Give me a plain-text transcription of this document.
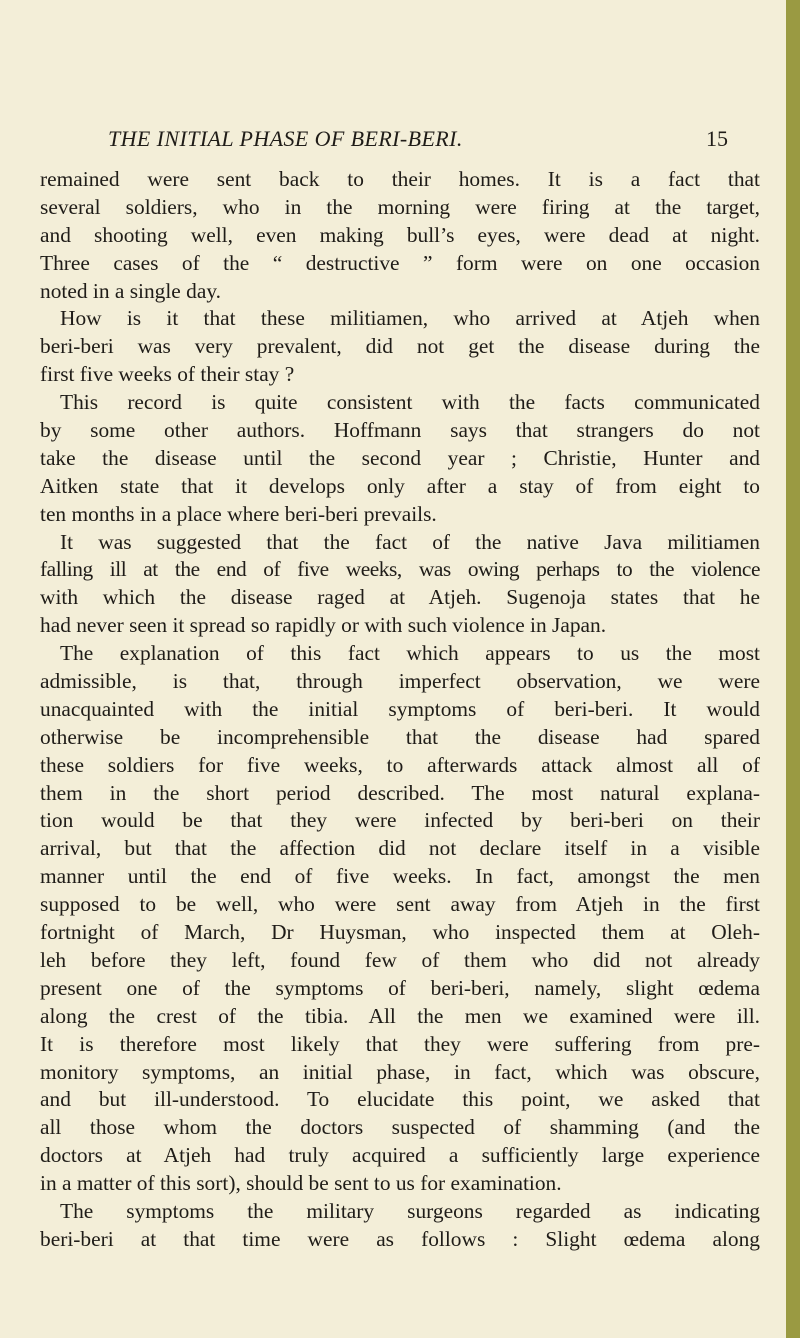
THE INITIAL PHASE OF BERI-BERI.	15
remained were sent back to their homes. It is a fact that
several soldiers, who in the morning were firing at the target,
and shooting well, even making bull’s eyes, were dead at night.
Three cases of the “ destructive ” form were on one occasion
noted in a single day.
How is it that these militiamen, who arrived at Atjeh when
beri-beri was very prevalent, did not get the disease during the
first five weeks of their stay ?
This record is quite consistent with the facts communicated
by some other authors. Hoffmann says that strangers do not
take the disease until the second year ; Christie, Hunter and
Aitken state that it develops only after a stay of from eight to
ten months in a place where beri-beri prevails.
It was suggested that the fact of the native Java militiamen
falling ill at the end of five weeks, was owing perhaps to the violence
with which the disease raged at Atjeh. Sugenoja states that he
had never seen it spread so rapidly or with such violence in Japan.
The explanation of this fact which appears to us the most
admissible, is that, through imperfect observation, we were
unacquainted with the initial symptoms of beri-beri. It would
otherwise be incomprehensible that the disease had spared
these soldiers for five weeks, to afterwards attack almost all of
them in the short period described. The most natural explana-
tion would be that they were infected by beri-beri on their
arrival, but that the affection did not declare itself in a visible
manner until the end of five weeks. In fact, amongst the men
supposed to be well, who were sent away from Atjeh in the first
fortnight of March, Dr Huysman, who inspected them at Oleh-
leh before they left, found few of them who did not already
present one of the symptoms of beri-beri, namely, slight œdema
along the crest of the tibia. All the men we examined were ill.
It is therefore most likely that they were suffering from pre-
monitory symptoms, an initial phase, in fact, which was obscure,
and but ill-understood. To elucidate this point, we asked that
all those whom the doctors suspected of shamming (and the
doctors at Atjeh had truly acquired a sufficiently large experience
in a matter of this sort), should be sent to us for examination.
The symptoms the military surgeons regarded as indicating
beri-beri at that time were as follows : Slight œdema along
